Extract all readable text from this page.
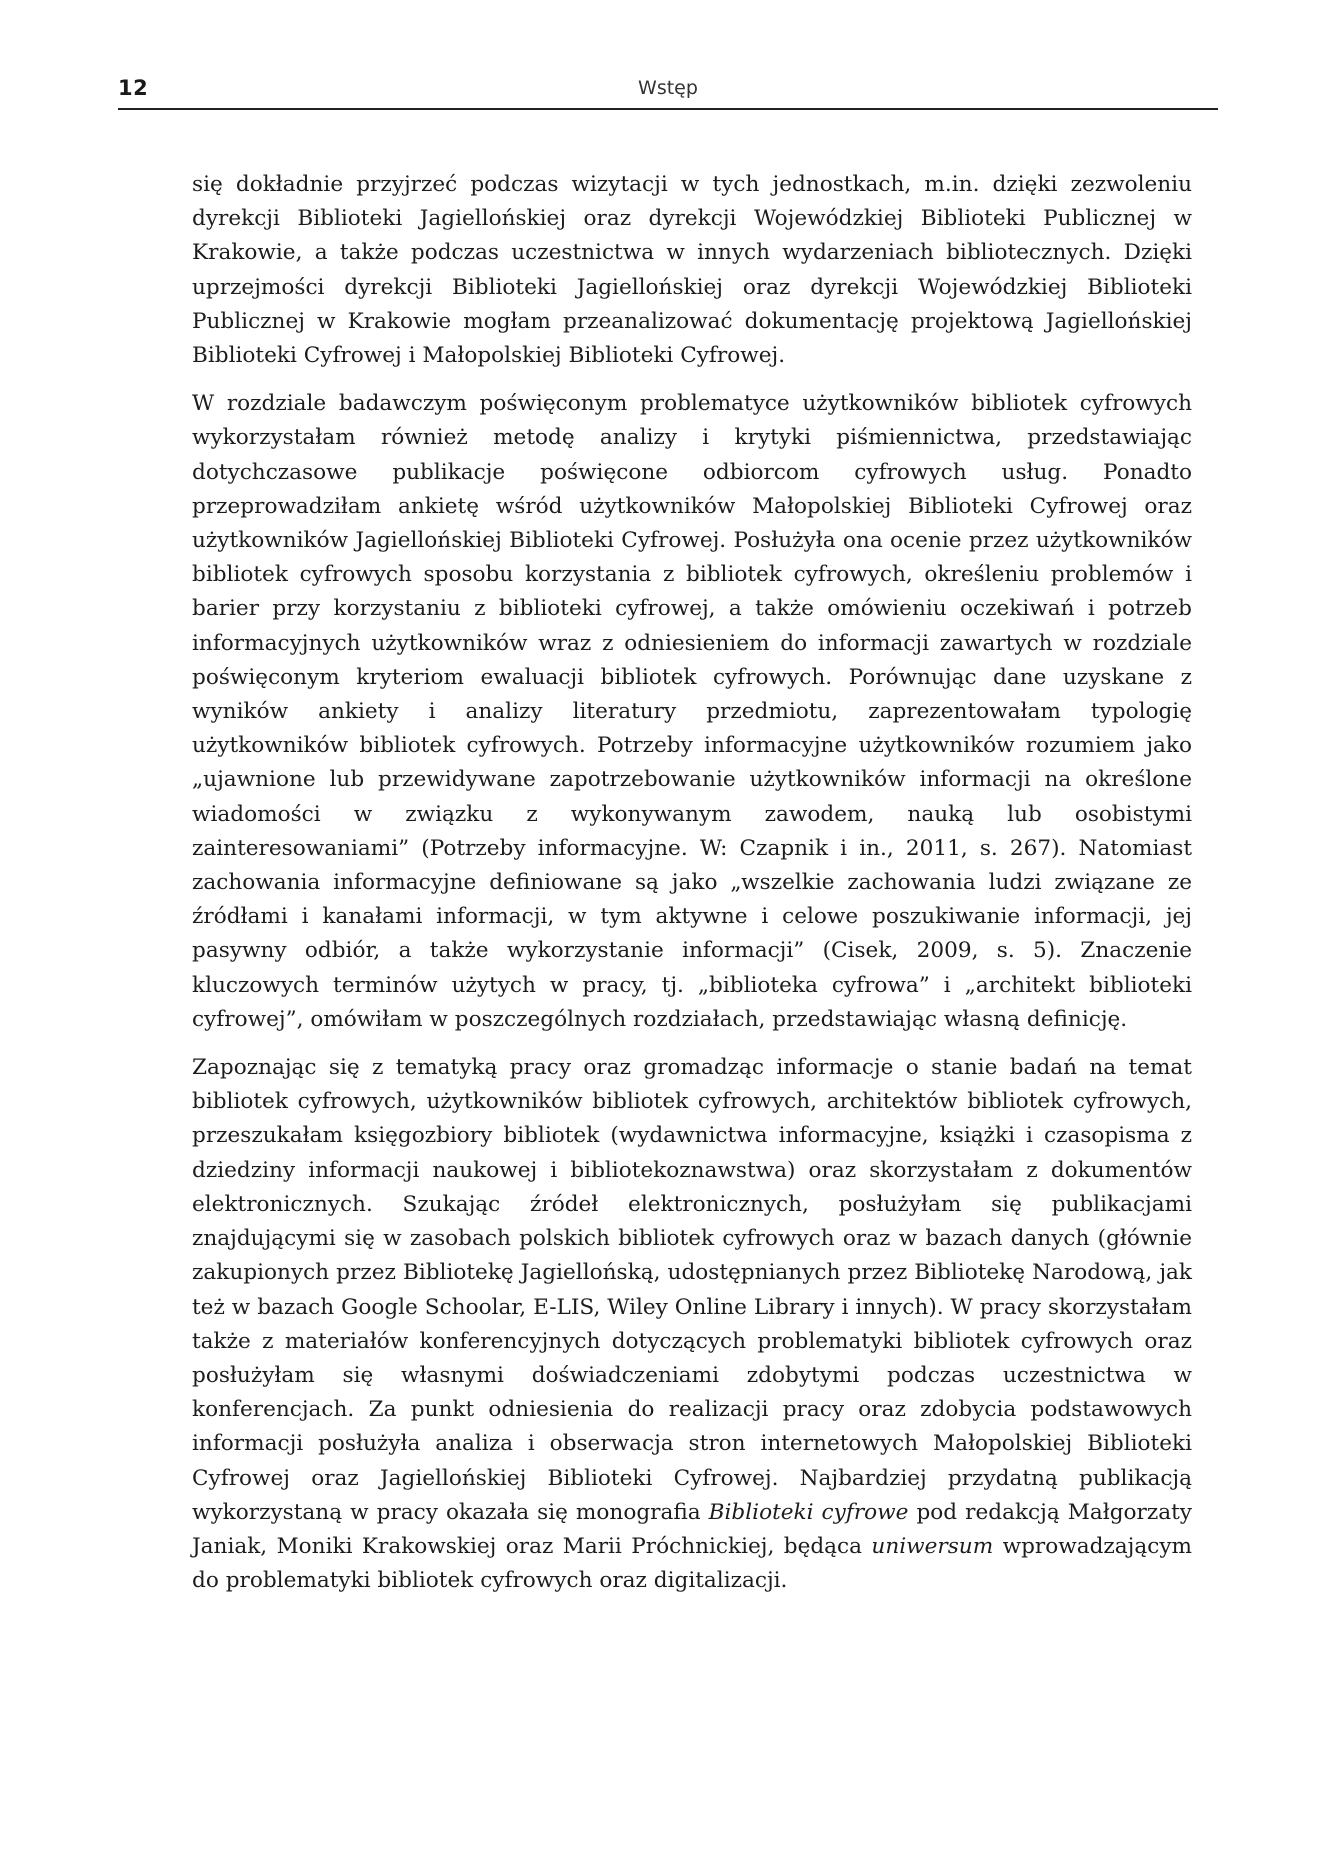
12	Wstęp

się dokładnie przyjrzeć podczas wizytacji w tych jednostkach, m.in. dzięki zezwoleniu dyrekcji Biblioteki Jagiellońskiej oraz dyrekcji Wojewódzkiej Biblioteki Publicznej w Krakowie, a także podczas uczestnictwa w innych wydarzeniach bibliotecznych. Dzięki uprzejmości dyrekcji Biblioteki Jagiellońskiej oraz dyrekcji Wojewódzkiej Biblioteki Publicznej w Krakowie mogłam przeanalizować dokumentację projektową Jagiellońskiej Biblioteki Cyfrowej i Małopolskiej Biblioteki Cyfrowej.

W rozdziale badawczym poświęconym problematyce użytkowników bibliotek cyfrowych wykorzystałam również metodę analizy i krytyki piśmiennictwa, przedstawiając dotychczasowe publikacje poświęcone odbiorcom cyfrowych usług. Ponadto przeprowadziłam ankietę wśród użytkowników Małopolskiej Biblioteki Cyfrowej oraz użytkowników Jagiellońskiej Biblioteki Cyfrowej. Posłużyła ona ocenie przez użytkowników bibliotek cyfrowych sposobu korzystania z bibliotek cyfrowych, określeniu problemów i barier przy korzystaniu z biblioteki cyfrowej, a także omówieniu oczekiwań i potrzeb informacyjnych użytkowników wraz z odniesieniem do informacji zawartych w rozdziale poświęconym kryteriom ewaluacji bibliotek cyfrowych. Porównując dane uzyskane z wyników ankiety i analizy literatury przedmiotu, zaprezentowałam typologię użytkowników bibliotek cyfrowych. Potrzeby informacyjne użytkowników rozumiem jako „ujawnione lub przewidywane zapotrzebowanie użytkowników informacji na określone wiadomości w związku z wykonywanym zawodem, nauką lub osobistymi zainteresowaniami” (Potrzeby informacyjne. W: Czapnik i in., 2011, s. 267). Natomiast zachowania informacyjne definiowane są jako „wszelkie zachowania ludzi związane ze źródłami i kanałami informacji, w tym aktywne i celowe poszukiwanie informacji, jej pasywny odbiór, a także wykorzystanie informacji” (Cisek, 2009, s. 5). Znaczenie kluczowych terminów użytych w pracy, tj. „biblioteka cyfrowa” i „architekt biblioteki cyfrowej”, omówiłam w poszczególnych rozdziałach, przedstawiając własną definicję.

Zapoznając się z tematyką pracy oraz gromadząc informacje o stanie badań na temat bibliotek cyfrowych, użytkowników bibliotek cyfrowych, architektów bibliotek cyfrowych, przeszukałam księgozbiory bibliotek (wydawnictwa informacyjne, książki i czasopisma z dziedziny informacji naukowej i bibliotekoznawstwa) oraz skorzystałam z dokumentów elektronicznych. Szukając źródeł elektronicznych, posłużyłam się publikacjami znajdującymi się w zasobach polskich bibliotek cyfrowych oraz w bazach danych (głównie zakupionych przez Bibliotekę Jagiellońską, udostępnianych przez Bibliotekę Narodową, jak też w bazach Google Schoolar, E-LIS, Wiley Online Library i innych). W pracy skorzystałam także z materiałów konferencyjnych dotyczących problematyki bibliotek cyfrowych oraz posłużyłam się własnymi doświadczeniami zdobytymi podczas uczestnictwa w konferencjach. Za punkt odniesienia do realizacji pracy oraz zdobycia podstawowych informacji posłużyła analiza i obserwacja stron internetowych Małopolskiej Biblioteki Cyfrowej oraz Jagiellońskiej Biblioteki Cyfrowej. Najbardziej przydatną publikacją wykorzystaną w pracy okazała się monografia Biblioteki cyfrowe pod redakcją Małgorzaty Janiak, Moniki Krakowskiej oraz Marii Próchnickiej, będąca uniwersum wprowadzającym do problematyki bibliotek cyfrowych oraz digitalizacji.
